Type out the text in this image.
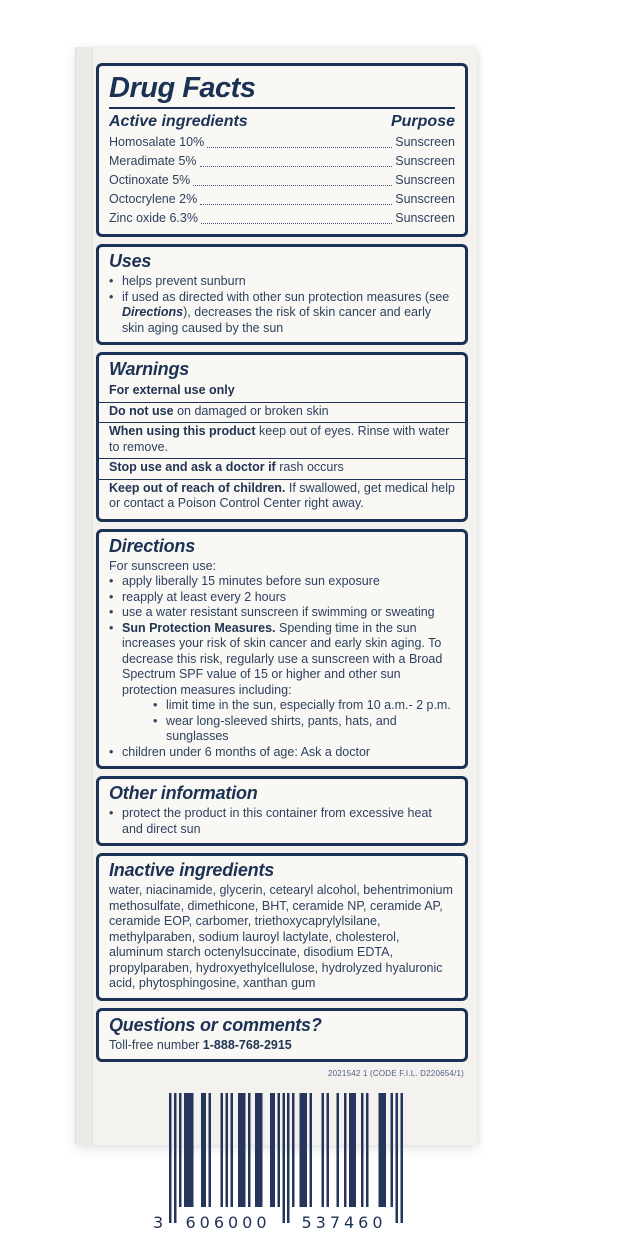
Drug Facts
Active ingredients	Purpose
Homosalate 10%	Sunscreen
Meradimate 5%	Sunscreen
Octinoxate 5%	Sunscreen
Octocrylene 2%	Sunscreen
Zinc oxide 6.3%	Sunscreen
Uses
• helps prevent sunburn
• if used as directed with other sun protection measures (see Directions), decreases the risk of skin cancer and early skin aging caused by the sun
Warnings

For external use only

Do not use on damaged or broken skin

When using this product keep out of eyes. Rinse with water to remove.

Stop use and ask a doctor if rash occurs

Keep out of reach of children. If swallowed, get medical help or contact a Poison Control Center right away.

Directions

For sunscreen use:

• apply liberally 15 minutes before sun exposure
• reapply at least every 2 hours
• use a water resistant sunscreen if swimming or sweating
• Sun Protection Measures. Spending time in the sun increases your risk of skin cancer and early skin aging. To decrease this risk, regularly use a sunscreen with a Broad Spectrum SPF value of 15 or higher and other sun protection measures including:
• limit time in the sun, especially from 10 a.m.- 2 p.m.
• wear long-sleeved shirts, pants, hats, and sunglasses
• children under 6 months of age: Ask a doctor
Other information
• protect the product in this container from excessive heat and direct sun
Inactive ingredients

water, niacinamide, glycerin, cetearyl alcohol, behentrimonium methosulfate, dimethicone, BHT, ceramide NP, ceramide AP, ceramide EOP, carbomer, triethoxycaprylylsilane, methylparaben, sodium lauroyl lactylate, cholesterol, aluminum starch octenylsuccinate, disodium EDTA, propylparaben, hydroxyethylcellulose, hydrolyzed hyaluronic acid, phytosphingosine, xanthan gum

Questions or comments?

Toll-free number 1-888-768-2915

2021542 1 (CODE F.I.L. D220654/1)
3 606000 537460
